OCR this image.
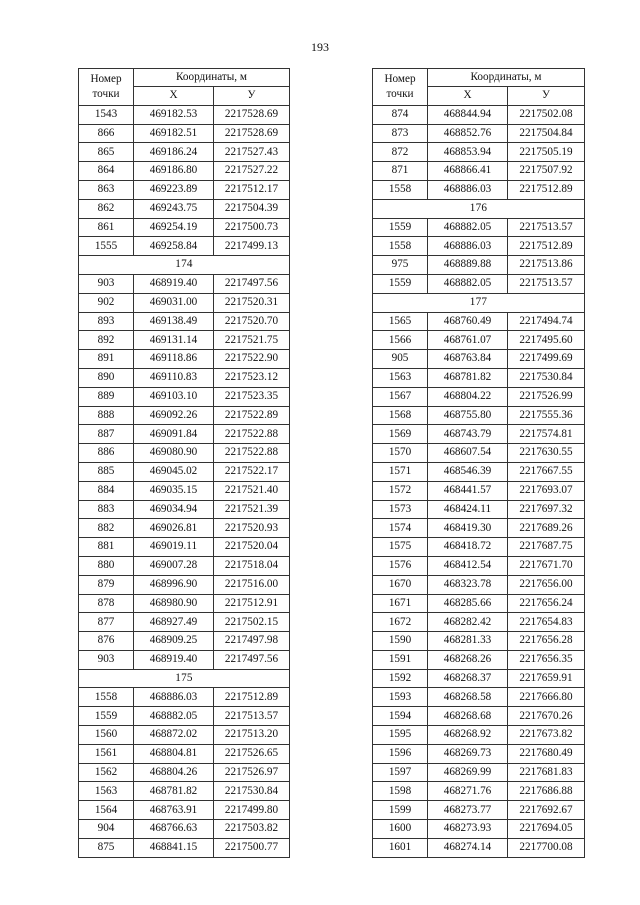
193
Номер
точки	Координаты, м	
	X	У
1543	469182.53	2217528.69
866	469182.51	2217528.69
865	469186.24	2217527.43
864	469186.80	2217527.22
863	469223.89	2217512.17
862	469243.75	2217504.39
861	469254.19	2217500.73
1555	469258.84	2217499.13
174		
903	468919.40	2217497.56
902	469031.00	2217520.31
893	469138.49	2217520.70
892	469131.14	2217521.75
891	469118.86	2217522.90
890	469110.83	2217523.12
889	469103.10	2217523.35
888	469092.26	2217522.89
887	469091.84	2217522.88
886	469080.90	2217522.88
885	469045.02	2217522.17
884	469035.15	2217521.40
883	469034.94	2217521.39
882	469026.81	2217520.93
881	469019.11	2217520.04
880	469007.28	2217518.04
879	468996.90	2217516.00
878	468980.90	2217512.91
877	468927.49	2217502.15
876	468909.25	2217497.98
903	468919.40	2217497.56
175		
1558	468886.03	2217512.89
1559	468882.05	2217513.57
1560	468872.02	2217513.20
1561	468804.81	2217526.65
1562	468804.26	2217526.97
1563	468781.82	2217530.84
1564	468763.91	2217499.80
904	468766.63	2217503.82
875	468841.15	2217500.77
Номер
точки	Координаты, м	
	X	У
874	468844.94	2217502.08
873	468852.76	2217504.84
872	468853.94	2217505.19
871	468866.41	2217507.92
1558	468886.03	2217512.89
176		
1559	468882.05	2217513.57
1558	468886.03	2217512.89
975	468889.88	2217513.86
1559	468882.05	2217513.57
177		
1565	468760.49	2217494.74
1566	468761.07	2217495.60
905	468763.84	2217499.69
1563	468781.82	2217530.84
1567	468804.22	2217526.99
1568	468755.80	2217555.36
1569	468743.79	2217574.81
1570	468607.54	2217630.55
1571	468546.39	2217667.55
1572	468441.57	2217693.07
1573	468424.11	2217697.32
1574	468419.30	2217689.26
1575	468418.72	2217687.75
1576	468412.54	2217671.70
1670	468323.78	2217656.00
1671	468285.66	2217656.24
1672	468282.42	2217654.83
1590	468281.33	2217656.28
1591	468268.26	2217656.35
1592	468268.37	2217659.91
1593	468268.58	2217666.80
1594	468268.68	2217670.26
1595	468268.92	2217673.82
1596	468269.73	2217680.49
1597	468269.99	2217681.83
1598	468271.76	2217686.88
1599	468273.77	2217692.67
1600	468273.93	2217694.05
1601	468274.14	2217700.08
